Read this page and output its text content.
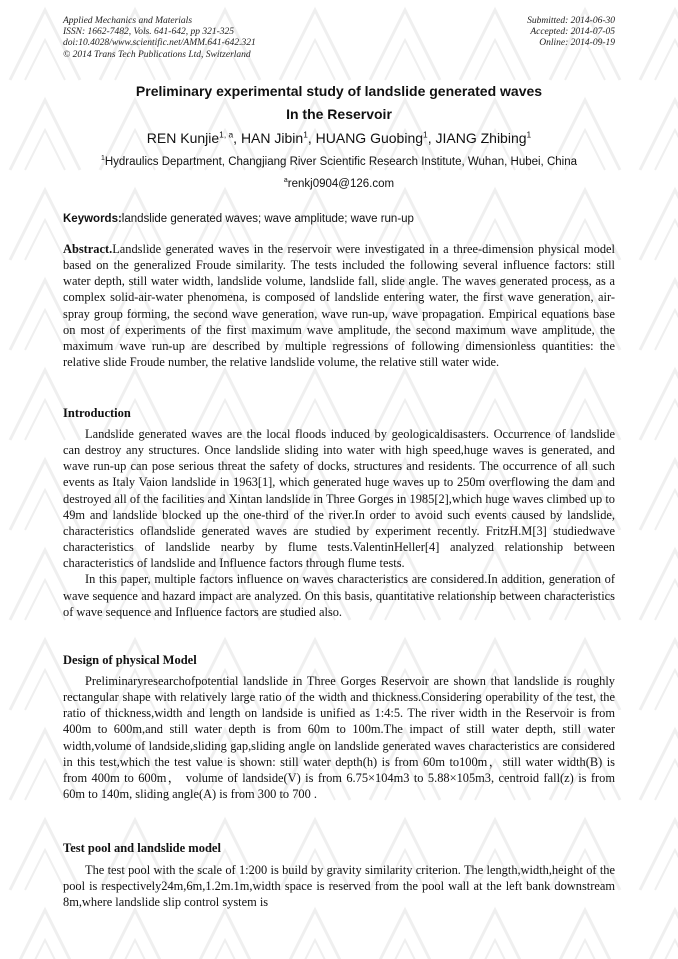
Applied Mechanics and Materials
ISSN: 1662-7482, Vols. 641-642, pp 321-325
doi:10.4028/www.scientific.net/AMM.641-642.321
© 2014 Trans Tech Publications Ltd, Switzerland
Submitted: 2014-06-30
Accepted: 2014-07-05
Online: 2014-09-19
Preliminary experimental study of landslide generated waves
In the Reservoir
REN Kunjie$^{1, a}$, HAN Jibin$^1$, HUANG Guobing$^1$, JIANG Zhibing$^1$
$^1$Hydraulics Department, Changjiang River Scientific Research Institute, Wuhan, Hubei, China
$^a$renkj0904@126.com
Keywords:landslide generated waves; wave amplitude; wave run-up
Abstract.Landslide generated waves in the reservoir were investigated in a three-dimension physical model based on the generalized Froude similarity. The tests included the following several influence factors: still water depth, still water width, landslide volume, landslide fall, slide angle. The waves generated process, as a complex solid-air-water phenomena, is composed of landslide entering water, the first wave generation, air-spray group forming, the second wave generation, wave run-up, wave propagation. Empirical equations base on most of experiments of the first maximum wave amplitude, the second maximum wave amplitude, the maximum wave run-up are described by multiple regressions of following dimensionless quantities: the relative slide Froude number, the relative landslide volume, the relative still water wide.
Introduction

Landslide generated waves are the local floods induced by geologicaldisasters. Occurrence of landslide can destroy any structures. Once landslide sliding into water with high speed,huge waves is generated, and wave run-up can pose serious threat the safety of docks, structures and residents. The occurrence of all such events as Italy Vaion landslide in 1963[1], which generated huge waves up to 250m overflowing the dam and destroyed all of the facilities and Xintan landslide in Three Gorges in 1985[2],which huge waves climbed up to 49m and landslide blocked up the one-third of the river.In order to avoid such events caused by landslide, characteristics oflandslide generated waves are studied by experiment recently. FritzH.M[3] studiedwave characteristics of landslide nearby by flume tests.ValentinHeller[4] analyzed relationship between characteristics of landslide and Influence factors through flume tests.

In this paper, multiple factors influence on waves characteristics are considered.In addition, generation of wave sequence and hazard impact are analyzed. On this basis, quantitative relationship between characteristics of wave sequence and Influence factors are studied also.

Design of physical Model

Preliminaryresearchofpotential landslide in Three Gorges Reservoir are shown that landslide is roughly rectangular shape with relatively large ratio of the width and thickness.Considering operability of the test, the ratio of thickness,width and length on landside is unified as 1:4:5. The river width in the Reservoir is from 400m to 600m,and still water depth is from 60m to 100m.The impact of still water depth, still water width,volume of landside,sliding gap,sliding angle on landslide generated waves characteristics are considered in this test,which the test value is shown: still water depth(h) is from 60m to100m，still water width(B) is from 400m to 600m， volume of landside(V) is from 6.75×104m3 to 5.88×105m3, centroid fall(z) is from 60m to 140m, sliding angle(A) is from 300 to 700 .

Test pool and landslide model

The test pool with the scale of 1:200 is build by gravity similarity criterion. The length,width,height of the pool is respectively24m,6m,1.2m.1m,width space is reserved from the pool wall at the left bank downstream 8m,where landslide slip control system is
